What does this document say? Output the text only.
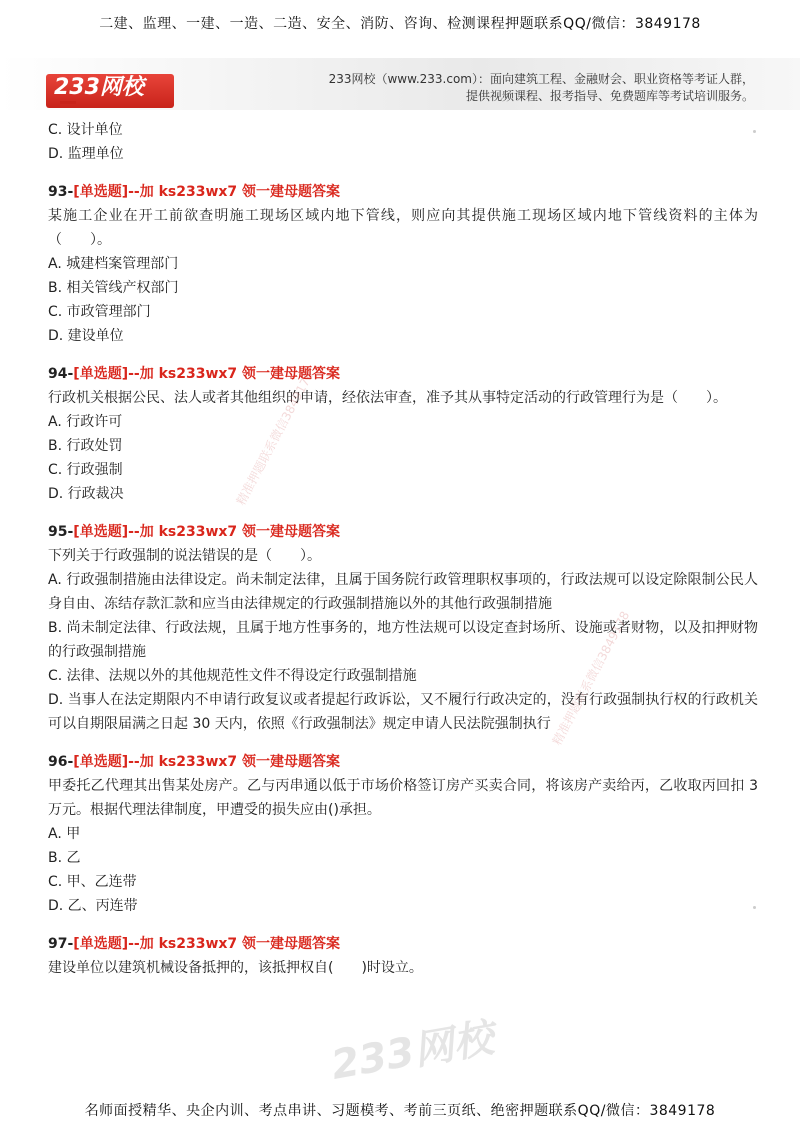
二建、监理、一建、一造、二造、安全、消防、咨询、检测课程押题联系QQ/微信：3849178
233网校	233网校（www.233.com）：面向建筑工程、金融财会、职业资格等考证人群，
提供视频课程、报考指导、免费题库等考试培训服务。

C. 设计单位

D. 监理单位

93-[单选题]--加 ks233wx7 领一建母题答案

某施工企业在开工前欲查明施工现场区域内地下管线，则应向其提供施工现场区域内地下管线资料的主体为（　　）。

A. 城建档案管理部门

B. 相关管线产权部门

C. 市政管理部门

D. 建设单位

94-[单选题]--加 ks233wx7 领一建母题答案

行政机关根据公民、法人或者其他组织的申请，经依法审查，准予其从事特定活动的行政管理行为是（　　）。

A. 行政许可

B. 行政处罚

C. 行政强制

D. 行政裁决

95-[单选题]--加 ks233wx7 领一建母题答案

下列关于行政强制的说法错误的是（　　）。

A. 行政强制措施由法律设定。尚未制定法律，且属于国务院行政管理职权事项的，行政法规可以设定除限制公民人身自由、冻结存款汇款和应当由法律规定的行政强制措施以外的其他行政强制措施

B. 尚未制定法律、行政法规，且属于地方性事务的，地方性法规可以设定查封场所、设施或者财物，以及扣押财物的行政强制措施

C. 法律、法规以外的其他规范性文件不得设定行政强制措施

D. 当事人在法定期限内不申请行政复议或者提起行政诉讼，又不履行行政决定的，没有行政强制执行权的行政机关可以自期限届满之日起 30 天内，依照《行政强制法》规定申请人民法院强制执行

96-[单选题]--加 ks233wx7 领一建母题答案

甲委托乙代理其出售某处房产。乙与丙串通以低于市场价格签订房产买卖合同，将该房产卖给丙，乙收取丙回扣 3 万元。根据代理法律制度，甲遭受的损失应由()承担。

A. 甲

B. 乙

C. 甲、乙连带

D. 乙、丙连带

97-[单选题]--加 ks233wx7 领一建母题答案

建设单位以建筑机械设备抵押的，该抵押权自(　　)时设立。

精准押题联系微信3849178
精准押题联系微信3849178
233网校
名师面授精华、央企内训、考点串讲、习题模考、考前三页纸、绝密押题联系QQ/微信：3849178
